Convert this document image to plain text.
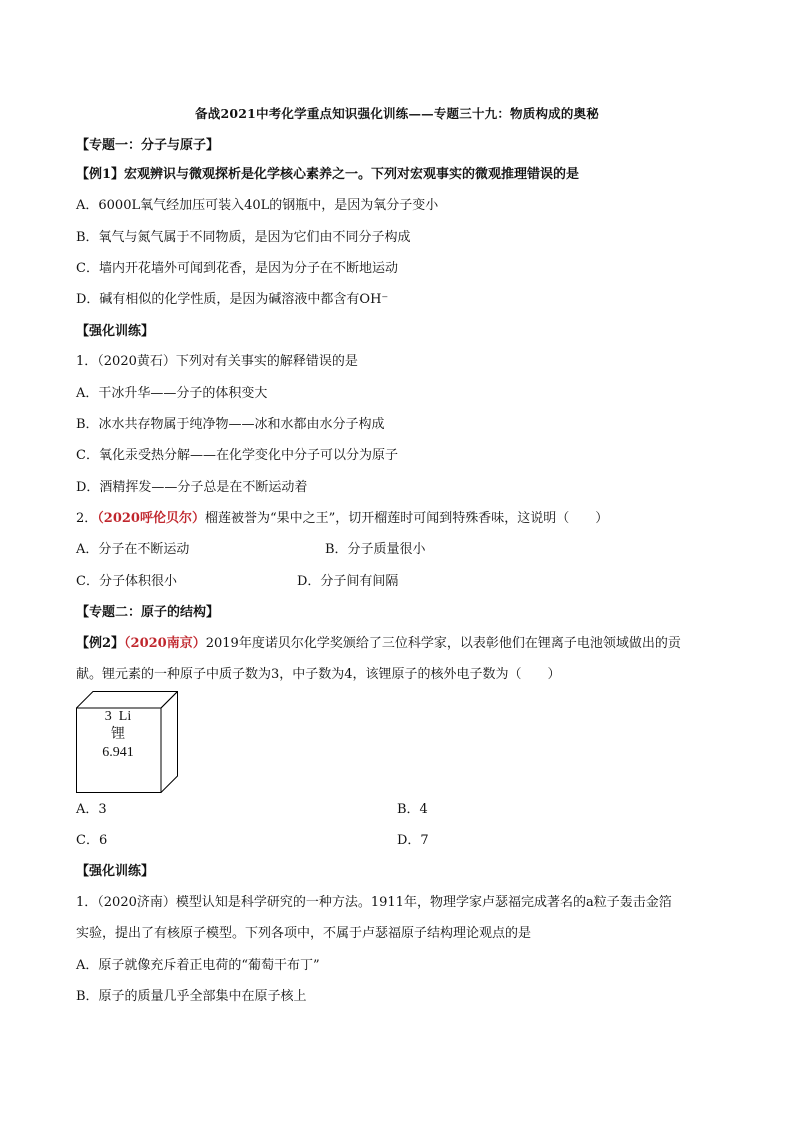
备战2021中考化学重点知识强化训练——专题三十九：物质构成的奥秘
【专题一：分子与原子】
【例1】宏观辨识与微观探析是化学核心素养之一。下列对宏观事实的微观推理错误的是
A．6000L氧气经加压可装入40L的钢瓶中，是因为氧分子变小
B．氧气与氮气属于不同物质，是因为它们由不同分子构成
C．墙内开花墙外可闻到花香，是因为分子在不断地运动
D．碱有相似的化学性质，是因为碱溶液中都含有OH⁻
【强化训练】
1．（2020黄石）下列对有关事实的解释错误的是
A．干冰升华——分子的体积变大
B．冰水共存物属于纯净物——冰和水都由水分子构成
C．氧化汞受热分解——在化学变化中分子可以分为原子
D．酒精挥发——分子总是在不断运动着
2．（2020呼伦贝尔）榴莲被誉为“果中之王”，切开榴莲时可闻到特殊香味，这说明（　　）
A．分子在不断运动	B．分子质量很小
C．分子体积很小	D．分子间有间隔
【专题二：原子的结构】
【例2】（2020南京）2019年度诺贝尔化学奖颁给了三位科学家，以表彰他们在锂离子电池领域做出的贡
献。锂元素的一种原子中质子数为3，中子数为4，该锂原子的核外电子数为（　　）
3  Li
锂
6.941
A．3	B．4
C．6	D．7
【强化训练】
1．（2020济南）模型认知是科学研究的一种方法。1911年，物理学家卢瑟福完成著名的a粒子轰击金箔
实验，提出了有核原子模型。下列各项中，不属于卢瑟福原子结构理论观点的是
A．原子就像充斥着正电荷的“葡萄干布丁”
B．原子的质量几乎全部集中在原子核上
